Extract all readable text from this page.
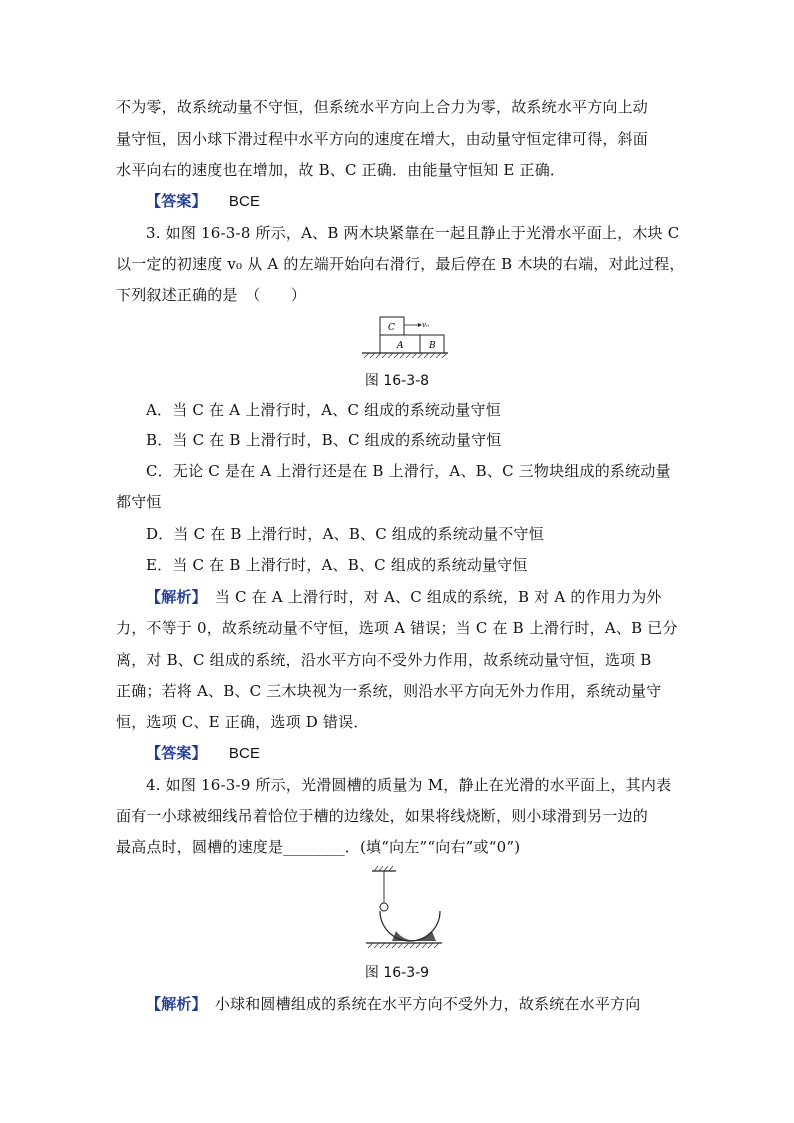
不为零，故系统动量不守恒，但系统水平方向上合力为零，故系统水平方向上动
量守恒，因小球下滑过程中水平方向的速度在增大，由动量守恒定律可得，斜面
水平向右的速度也在增加，故 B、C 正确．由能量守恒知 E 正确．
【答案】 BCE
3. 如图 16-3-8 所示，A、B 两木块紧靠在一起且静止于光滑水平面上，木块 C
以一定的初速度 v₀ 从 A 的左端开始向右滑行，最后停在 B 木块的右端，对此过程，
下列叙述正确的是　（　　）
C	v₀
A	B
图 16-3-8
A．当 C 在 A 上滑行时，A、C 组成的系统动量守恒
B．当 C 在 B 上滑行时，B、C 组成的系统动量守恒
C．无论 C 是在 A 上滑行还是在 B 上滑行，A、B、C 三物块组成的系统动量
都守恒
D．当 C 在 B 上滑行时，A、B、C 组成的系统动量不守恒
E．当 C 在 B 上滑行时，A、B、C 组成的系统动量守恒
【解析】 当 C 在 A 上滑行时，对 A、C 组成的系统，B 对 A 的作用力为外
力，不等于 0，故系统动量不守恒，选项 A 错误；当 C 在 B 上滑行时，A、B 已分
离，对 B、C 组成的系统，沿水平方向不受外力作用，故系统动量守恒，选项 B
正确；若将 A、B、C 三木块视为一系统，则沿水平方向无外力作用，系统动量守
恒，选项 C、E 正确，选项 D 错误．
【答案】 BCE
4. 如图 16-3-9 所示，光滑圆槽的质量为 M，静止在光滑的水平面上，其内表
面有一小球被细线吊着恰位于槽的边缘处，如果将线烧断，则小球滑到另一边的
最高点时，圆槽的速度是________．(填“向左”“向右”或“0”)
图 16-3-9
【解析】 小球和圆槽组成的系统在水平方向不受外力，故系统在水平方向
